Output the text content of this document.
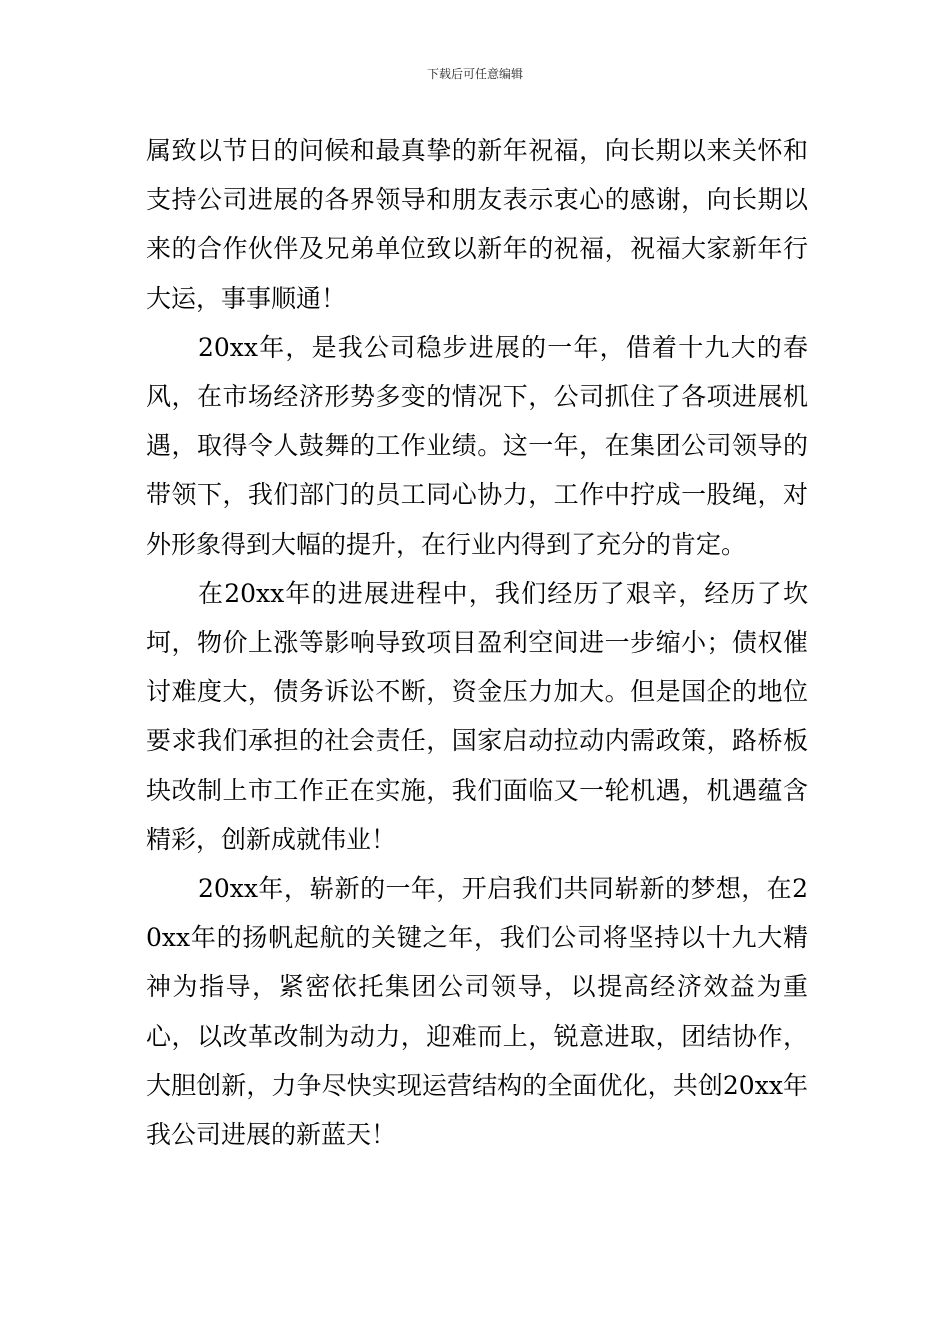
下载后可任意编辑

属致以节日的问候和最真挚的新年祝福，向长期以来关怀和支持公司进展的各界领导和朋友表示衷心的感谢，向长期以来的合作伙伴及兄弟单位致以新年的祝福，祝福大家新年行大运，事事顺通！

20xx年，是我公司稳步进展的一年，借着十九大的春风，在市场经济形势多变的情况下，公司抓住了各项进展机遇，取得令人鼓舞的工作业绩。这一年，在集团公司领导的带领下，我们部门的员工同心协力，工作中拧成一股绳，对外形象得到大幅的提升，在行业内得到了充分的肯定。

在20xx年的进展进程中，我们经历了艰辛，经历了坎坷，物价上涨等影响导致项目盈利空间进一步缩小；债权催讨难度大，债务诉讼不断，资金压力加大。但是国企的地位要求我们承担的社会责任，国家启动拉动内需政策，路桥板块改制上市工作正在实施，我们面临又一轮机遇，机遇蕴含精彩，创新成就伟业！

20xx年，崭新的一年，开启我们共同崭新的梦想，在20xx年的扬帆起航的关键之年，我们公司将坚持以十九大精神为指导，紧密依托集团公司领导，以提高经济效益为重心，以改革改制为动力，迎难而上，锐意进取，团结协作，大胆创新，力争尽快实现运营结构的全面优化，共创20xx年我公司进展的新蓝天！
